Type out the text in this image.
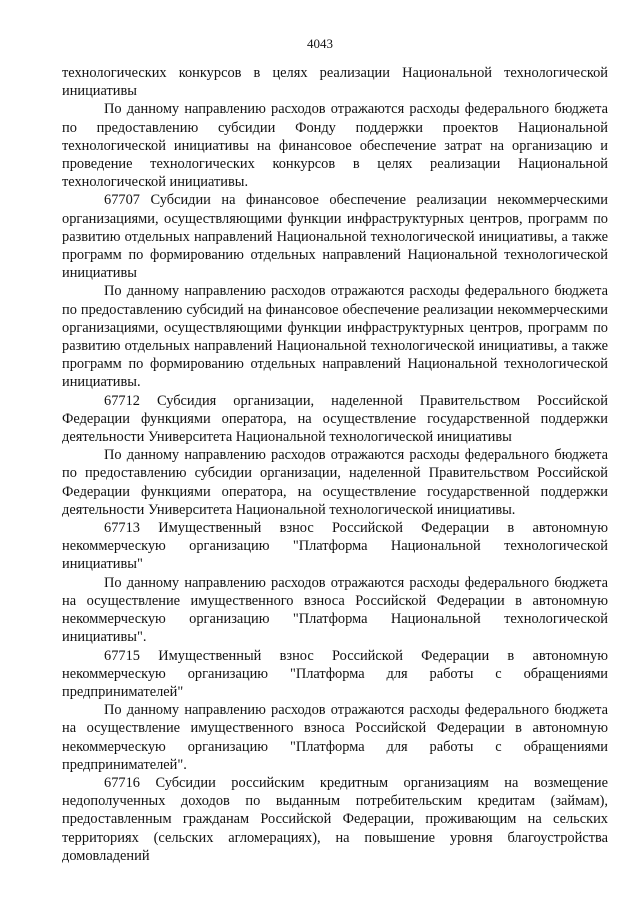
4043

технологических конкурсов в целях реализации Национальной технологической инициативы

По данному направлению расходов отражаются расходы федерального бюджета по предоставлению субсидии Фонду поддержки проектов Национальной технологической инициативы на финансовое обеспечение затрат на организацию и проведение технологических конкурсов в целях реализации Национальной технологической инициативы.

67707 Субсидии на финансовое обеспечение реализации некоммерческими организациями, осуществляющими функции инфраструктурных центров, программ по развитию отдельных направлений Национальной технологической инициативы, а также программ по формированию отдельных направлений Национальной технологической инициативы

По данному направлению расходов отражаются расходы федерального бюджета по предоставлению субсидий на финансовое обеспечение реализации некоммерческими организациями, осуществляющими функции инфраструктурных центров, программ по развитию отдельных направлений Национальной технологической инициативы, а также программ по формированию отдельных направлений Национальной технологической инициативы.

67712 Субсидия организации, наделенной Правительством Российской Федерации функциями оператора, на осуществление государственной поддержки деятельности Университета Национальной технологической инициативы

По данному направлению расходов отражаются расходы федерального бюджета по предоставлению субсидии организации, наделенной Правительством Российской Федерации функциями оператора, на осуществление государственной поддержки деятельности Университета Национальной технологической инициативы.

67713 Имущественный взнос Российской Федерации в автономную некоммерческую организацию "Платформа Национальной технологической инициативы"

По данному направлению расходов отражаются расходы федерального бюджета на осуществление имущественного взноса Российской Федерации в автономную некоммерческую организацию "Платформа Национальной технологической инициативы".

67715 Имущественный взнос Российской Федерации в автономную некоммерческую организацию "Платформа для работы с обращениями предпринимателей"

По данному направлению расходов отражаются расходы федерального бюджета на осуществление имущественного взноса Российской Федерации в автономную некоммерческую организацию "Платформа для работы с обращениями предпринимателей".

67716 Субсидии российским кредитным организациям на возмещение недополученных доходов по выданным потребительским кредитам (займам), предоставленным гражданам Российской Федерации, проживающим на сельских территориях (сельских агломерациях), на повышение уровня благоустройства домовладений
